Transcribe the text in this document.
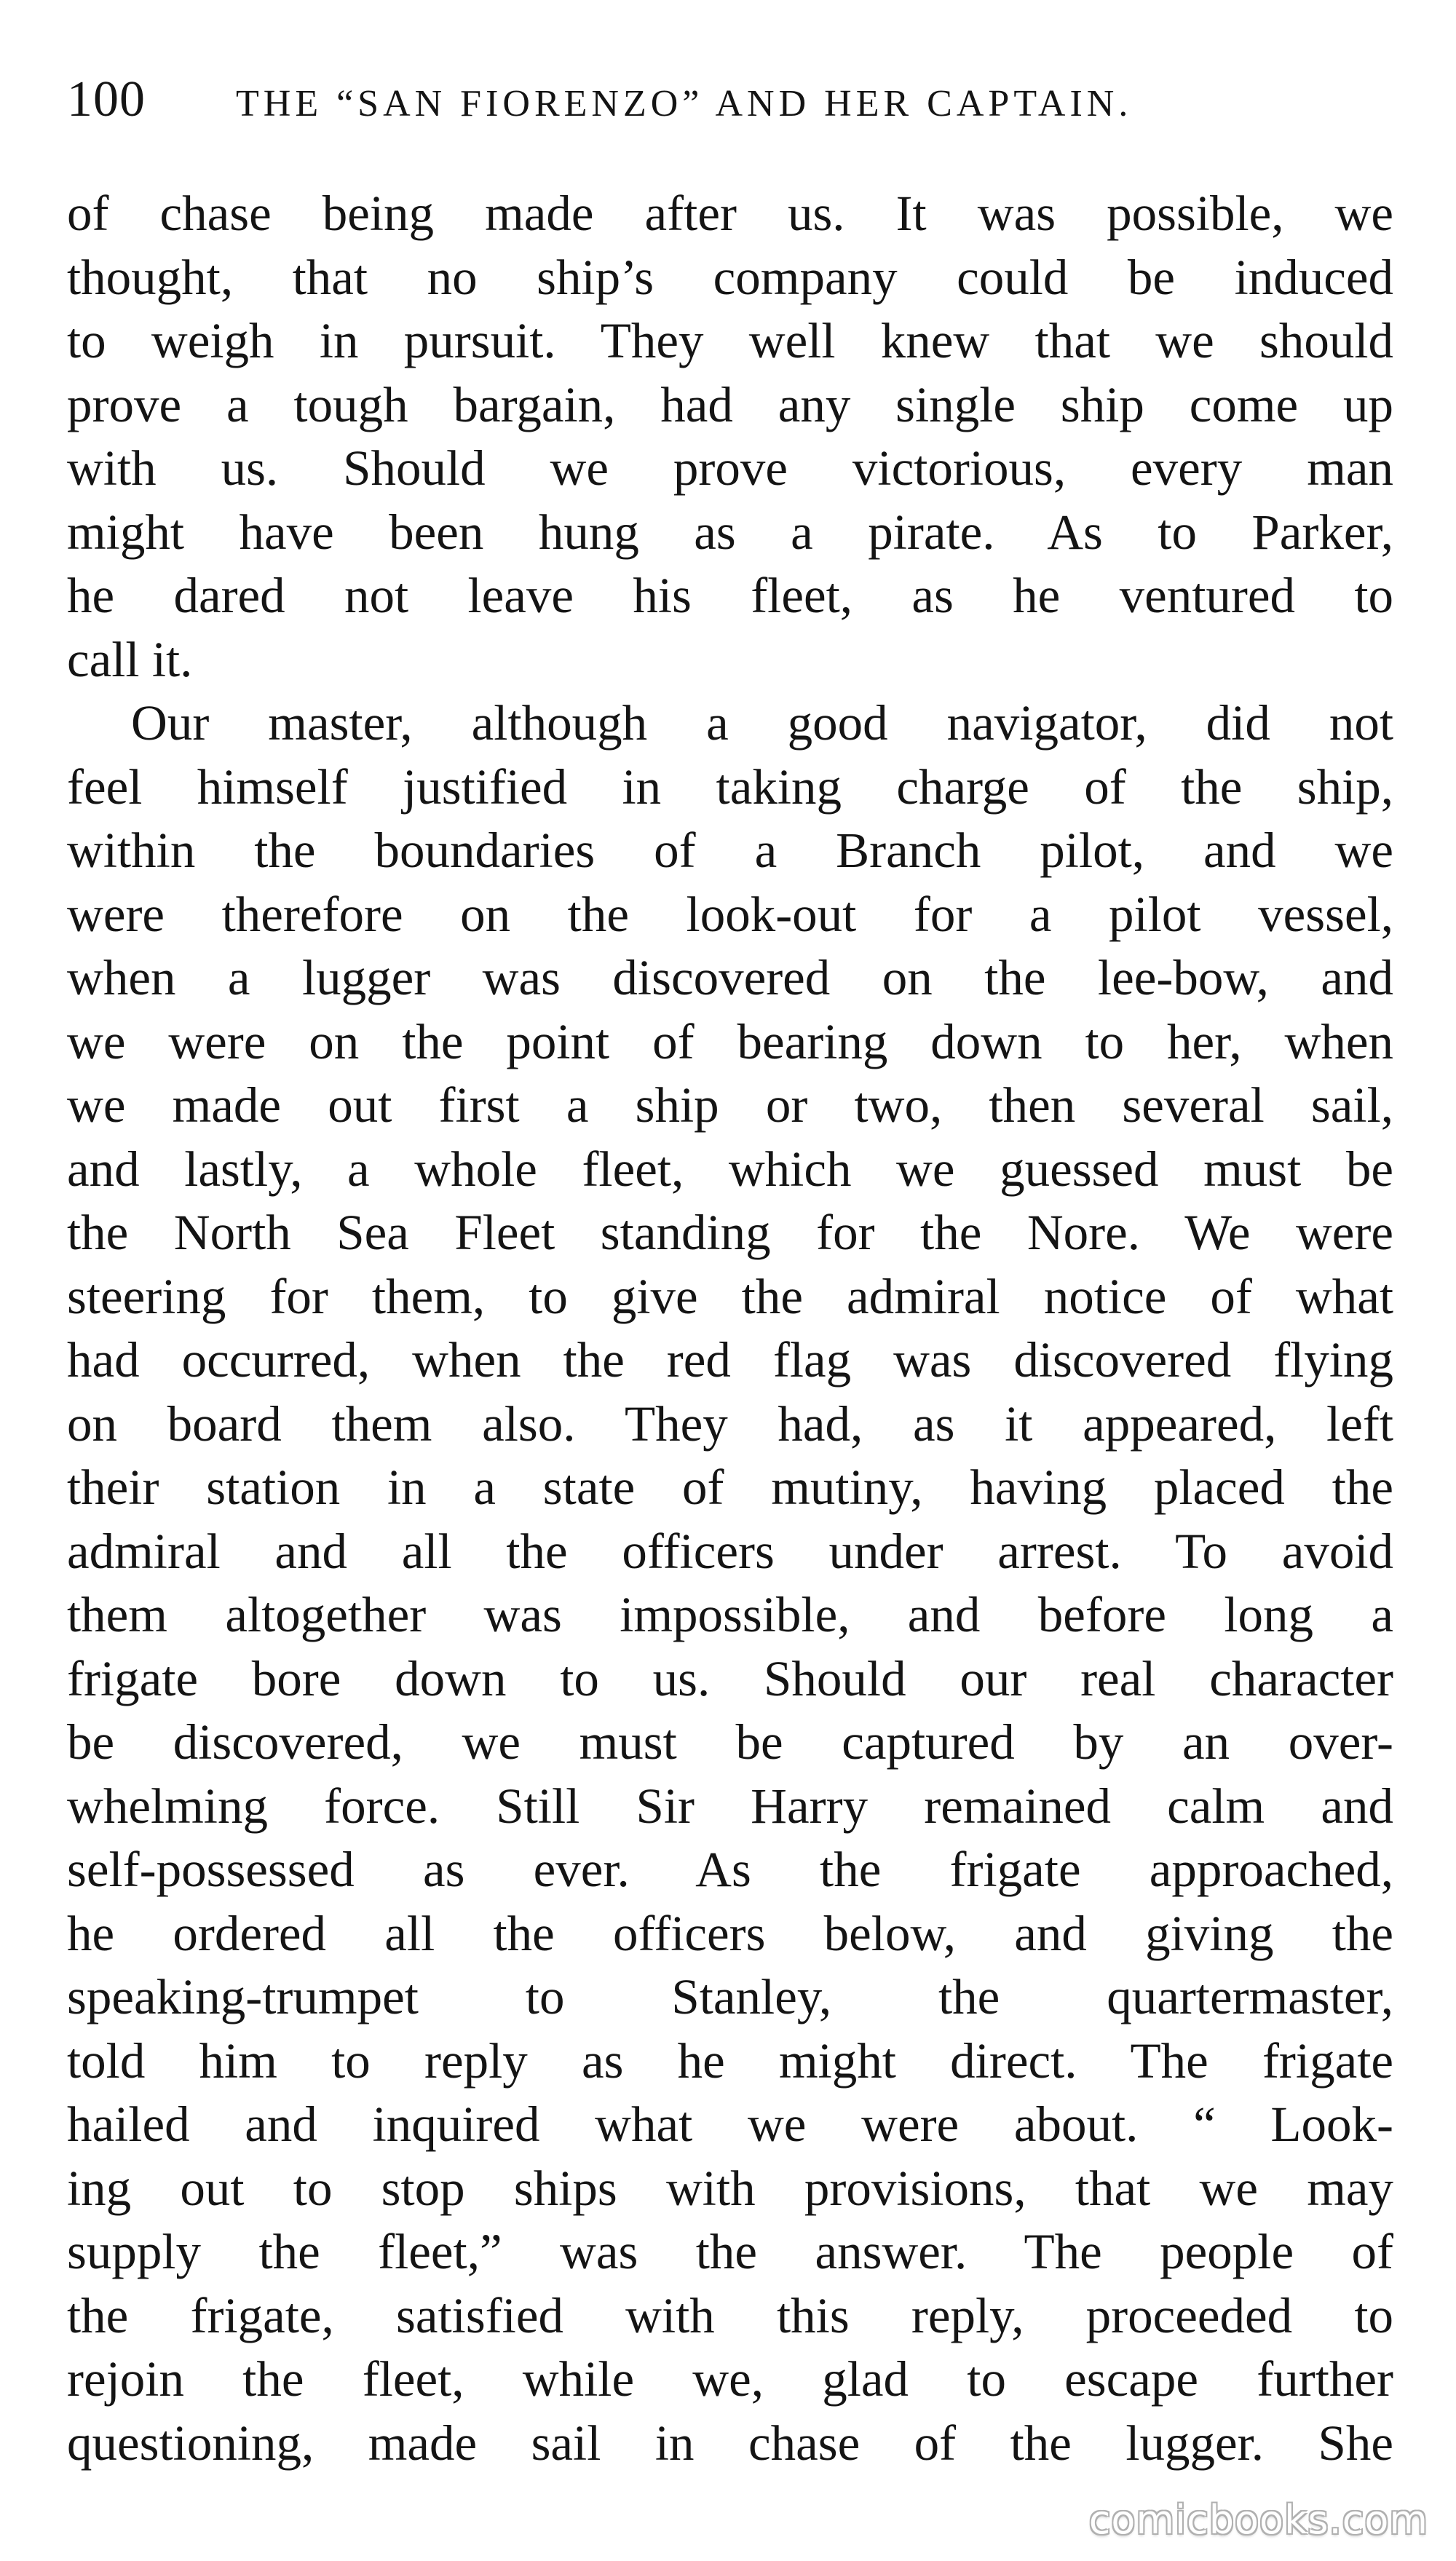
100 THE “SAN FIORENZO” AND HER CAPTAIN.
of chase being made after us. It was possible, we
thought, that no ship’s company could be induced
to weigh in pursuit. They well knew that we should
prove a tough bargain, had any single ship come up
with us. Should we prove victorious, every man
might have been hung as a pirate. As to Parker,
he dared not leave his fleet, as he ventured to
call it.
Our master, although a good navigator, did not
feel himself justified in taking charge of the ship,
within the boundaries of a Branch pilot, and we
were therefore on the look-out for a pilot vessel,
when a lugger was discovered on the lee-bow, and
we were on the point of bearing down to her, when
we made out first a ship or two, then several sail,
and lastly, a whole fleet, which we guessed must be
the North Sea Fleet standing for the Nore. We were
steering for them, to give the admiral notice of what
had occurred, when the red flag was discovered flying
on board them also. They had, as it appeared, left
their station in a state of mutiny, having placed the
admiral and all the officers under arrest. To avoid
them altogether was impossible, and before long a
frigate bore down to us. Should our real character
be discovered, we must be captured by an over-
whelming force. Still Sir Harry remained calm and
self-possessed as ever. As the frigate approached,
he ordered all the officers below, and giving the
speaking-trumpet to Stanley, the quartermaster,
told him to reply as he might direct. The frigate
hailed and inquired what we were about. “ Look-
ing out to stop ships with provisions, that we may
supply the fleet,” was the answer. The people of
the frigate, satisfied with this reply, proceeded to
rejoin the fleet, while we, glad to escape further
questioning, made sail in chase of the lugger. She
comicbooks.com
